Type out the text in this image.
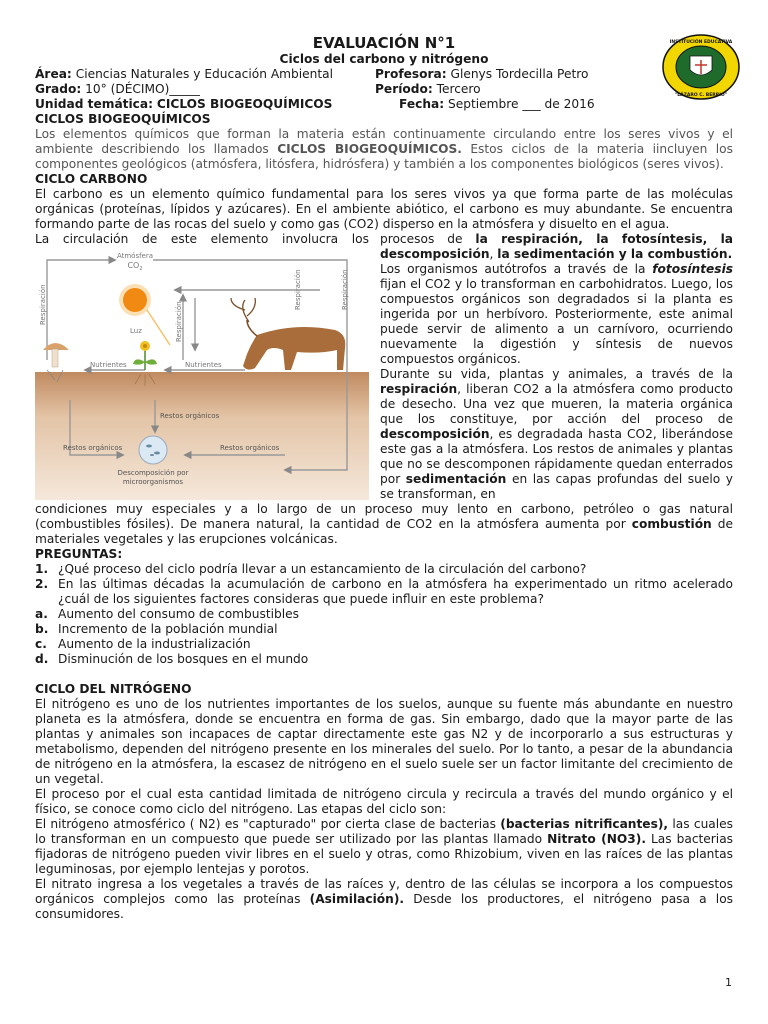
EVALUACIÓN N°1

Ciclos del carbono y nitrógeno

Área: Ciencias Naturales y Educación Ambiental	Profesora: Glenys Tordecilla Petro
Grado: 10° (DÉCIMO)_____	Período: Tercero
Unidad temática: CICLOS BIOGEOQUÍMICOS	Fecha: Septiembre ___ de 2016

CICLOS BIOGEOQUÍMICOS

Los elementos químicos que forman la materia están continuamente circulando entre los seres vivos y el ambiente describiendo los llamados CICLOS BIOGEOQUÍMICOS. Estos ciclos de la materia iincluyen los componentes geológicos (atmósfera, litósfera, hidrósfera) y también a los componentes biológicos (seres vivos).

CICLO CARBONO

El carbono es un elemento químico fundamental para los seres vivos ya que forma parte de las moléculas orgánicas (proteínas, lípidos y azúcares). En el ambiente abiótico, el carbono es muy abundante. Se encuentra formando parte de las rocas del suelo y como gas (CO2) disperso en la atmósfera y disuelto en el agua.

La circulación de este elemento involucra los
Atmósfera
$CO_2$
Respiración	Respiración
Respiración	Respiración
Luz
Nutrientes	Nutrientes
Restos orgánicos
Restos orgánicos	Restos orgánicos
Descomposición por
microorganismos

procesos de la respiración, la fotosíntesis, la descomposición, la sedimentación y la combustión.

Los organismos autótrofos a través de la fotosíntesis fijan el CO2 y lo transforman en carbohidratos. Luego, los compuestos orgánicos son degradados si la planta es ingerida por un herbívoro. Posteriormente, este animal puede servir de alimento a un carnívoro, ocurriendo nuevamente la digestión y síntesis de nuevos compuestos orgánicos.

Durante su vida, plantas y animales, a través de la respiración, liberan CO2 a la atmósfera como producto de desecho. Una vez que mueren, la materia orgánica que los constituye, por acción del proceso de descomposición, es degradada hasta CO2, liberándose este gas a la atmósfera. Los restos de animales y plantas que no se descomponen rápidamente quedan enterrados por sedimentación en las capas profundas del suelo y se transforman, en

condiciones muy especiales y a lo largo de un proceso muy lento en carbono, petróleo o gas natural (combustibles fósiles). De manera natural, la cantidad de CO2 en la atmósfera aumenta por combustión de materiales vegetales y las erupciones volcánicas.

PREGUNTAS:

1. ¿Qué proceso del ciclo podría llevar a un estancamiento de la circulación del carbono?
2. En las últimas décadas la acumulación de carbono en la atmósfera ha experimentado un ritmo acelerado ¿cuál de los siguientes factores consideras que puede influir en este problema?
a. Aumento del consumo de combustibles
b. Incremento de la población mundial
c. Aumento de la industrialización
d. Disminución de los bosques en el mundo

CICLO DEL NITRÓGENO

El nitrógeno es uno de los nutrientes importantes de los suelos, aunque su fuente más abundante en nuestro planeta es la atmósfera, donde se encuentra en forma de gas. Sin embargo, dado que la mayor parte de las plantas y animales son incapaces de captar directamente este gas N2 y de incorporarlo a sus estructuras y metabolismo, dependen del nitrógeno presente en los minerales del suelo. Por lo tanto, a pesar de la abundancia de nitrógeno en la atmósfera, la escasez de nitrógeno en el suelo suele ser un factor limitante del crecimiento de un vegetal.

El proceso por el cual esta cantidad limitada de nitrógeno circula y recircula a través del mundo orgánico y el físico, se conoce como ciclo del nitrógeno. Las etapas del ciclo son:

El nitrógeno atmosférico ( N2) es "capturado" por cierta clase de bacterias (bacterias nitrificantes), las cuales lo transforman en un compuesto que puede ser utilizado por las plantas llamado Nitrato (NO3). Las bacterias fijadoras de nitrógeno pueden vivir libres en el suelo y otras, como Rhizobium, viven en las raíces de las plantas leguminosas, por ejemplo lentejas y porotos.

El nitrato ingresa a los vegetales a través de las raíces y, dentro de las células se incorpora a los compuestos orgánicos complejos como las proteínas (Asimilación). Desde los productores, el nitrógeno pasa a los consumidores.

INSTITUCIÓN EDUCATIVA
"LÁZARO C. BERRIO"
1
